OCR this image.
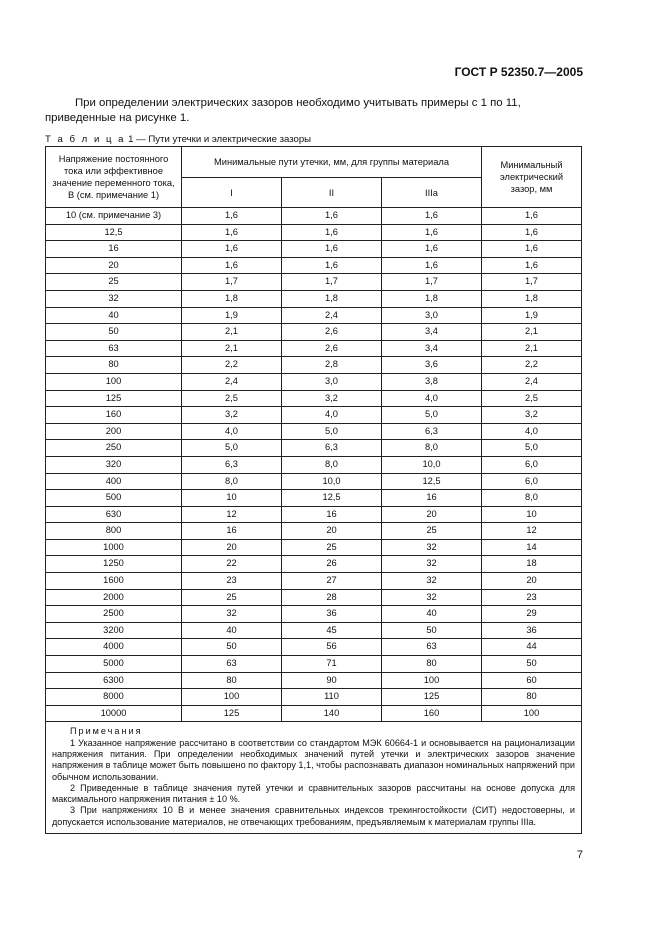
ГОСТ Р 52350.7—2005
При определении электрических зазоров необходимо учитывать примеры с 1 по 11, приведенные на рисунке 1.
Т а б л и ц а 1 — Пути утечки и электрические зазоры
Напряжение постоянного тока или эффективное значение переменного тока, В (см. примечание 1)	Минимальные пути утечки, мм, для группы материала			Минимальный электрический зазор, мм
	I	II	IIIa	
10 (см. примечание 3)	1,6	1,6	1,6	1,6
12,5	1,6	1,6	1,6	1,6
16	1,6	1,6	1,6	1,6
20	1,6	1,6	1,6	1,6
25	1,7	1,7	1,7	1,7
32	1,8	1,8	1,8	1,8
40	1,9	2,4	3,0	1,9
50	2,1	2,6	3,4	2,1
63	2,1	2,6	3,4	2,1
80	2,2	2,8	3,6	2,2
100	2,4	3,0	3,8	2,4
125	2,5	3,2	4,0	2,5
160	3,2	4,0	5,0	3,2
200	4,0	5,0	6,3	4,0
250	5,0	6,3	8,0	5,0
320	6,3	8,0	10,0	6,0
400	8,0	10,0	12,5	6,0
500	10	12,5	16	8,0
630	12	16	20	10
800	16	20	25	12
1000	20	25	32	14
1250	22	26	32	18
1600	23	27	32	20
2000	25	28	32	23
2500	32	36	40	29
3200	40	45	50	36
4000	50	56	63	44
5000	63	71	80	50
6300	80	90	100	60
8000	100	110	125	80
10000	125	140	160	100

Примечания
1 Указанное напряжение рассчитано в соответствии со стандартом МЭК 60664-1 и основывается на рационализации напряжения питания. При определении необходимых значений путей утечки и электрических зазоров значение напряжения в таблице может быть повышено по фактору 1,1, чтобы распознавать диапазон номинальных напряжений при обычном использовании.
2 Приведенные в таблице значения путей утечки и сравнительных зазоров рассчитаны на основе допуска для максимального напряжения питания ± 10 %.
3 При напряжениях 10 В и менее значения сравнительных индексов трекингостойкости (СИТ) недостоверны, и допускается использование материалов, не отвечающих требованиям, предъявляемым к материалам группы IIIa.				
7
